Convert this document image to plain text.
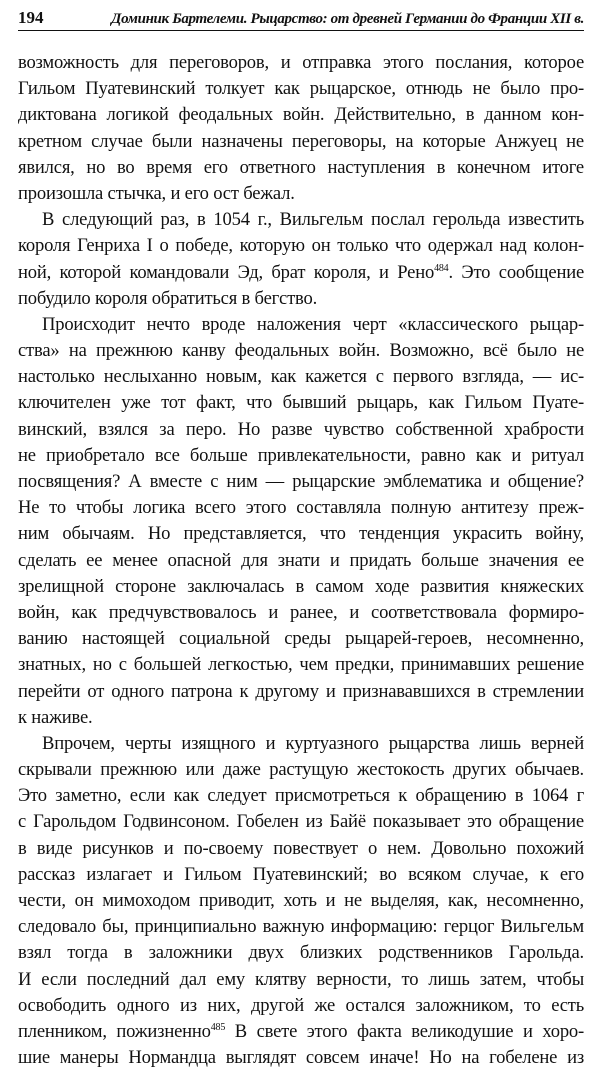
194	Доминик Бартелеми. Рыцарство: от древней Германии до Франции XII в.
возможность для переговоров, и отправка этого послания, которое
Гильом Пуатевинский толкует как рыцарское, отнюдь не было про-
диктована логикой феодальных войн. Действительно, в данном кон-
кретном случае были назначены переговоры, на которые Анжуец не
явился, но во время его ответного наступления в конечном итоге
произошла стычка, и его ост бежал.
В следующий раз, в 1054 г., Вильгельм послал герольда известить
короля Генриха I о победе, которую он только что одержал над колон-
ной, которой командовали Эд, брат короля, и Рено$^{484}$. Это сообщение
побудило короля обратиться в бегство.
Происходит нечто вроде наложения черт «классического рыцар-
ства» на прежнюю канву феодальных войн. Возможно, всё было не
настолько неслыханно новым, как кажется с первого взгляда, — ис-
ключителен уже тот факт, что бывший рыцарь, как Гильом Пуате-
винский, взялся за перо. Но разве чувство собственной храбрости
не приобретало все больше привлекательности, равно как и ритуал
посвящения? А вместе с ним — рыцарские эмблематика и общение?
Не то чтобы логика всего этого составляла полную антитезу преж-
ним обычаям. Но представляется, что тенденция украсить войну,
сделать ее менее опасной для знати и придать больше значения ее
зрелищной стороне заключалась в самом ходе развития княжеских
войн, как предчувствовалось и ранее, и соответствовала формиро-
ванию настоящей социальной среды рыцарей-героев, несомненно,
знатных, но с большей легкостью, чем предки, принимавших решение
перейти от одного патрона к другому и признававшихся в стремлении
к наживе.
Впрочем, черты изящного и куртуазного рыцарства лишь верней
скрывали прежнюю или даже растущую жестокость других обычаев.
Это заметно, если как следует присмотреться к обращению в 1064 г
с Гарольдом Годвинсоном. Гобелен из Байё показывает это обращение
в виде рисунков и по-своему повествует о нем. Довольно похожий
рассказ излагает и Гильом Пуатевинский; во всяком случае, к его
чести, он мимоходом приводит, хоть и не выделяя, как, несомненно,
следовало бы, принципиально важную информацию: герцог Вильгельм
взял тогда в заложники двух близких родственников Гарольда.
И если последний дал ему клятву верности, то лишь затем, чтобы
освободить одного из них, другой же остался заложником, то есть
пленником, пожизненно$^{485}$ В свете этого факта великодушие и хоро-
шие манеры Нормандца выглядят совсем иначе! Но на гобелене из
